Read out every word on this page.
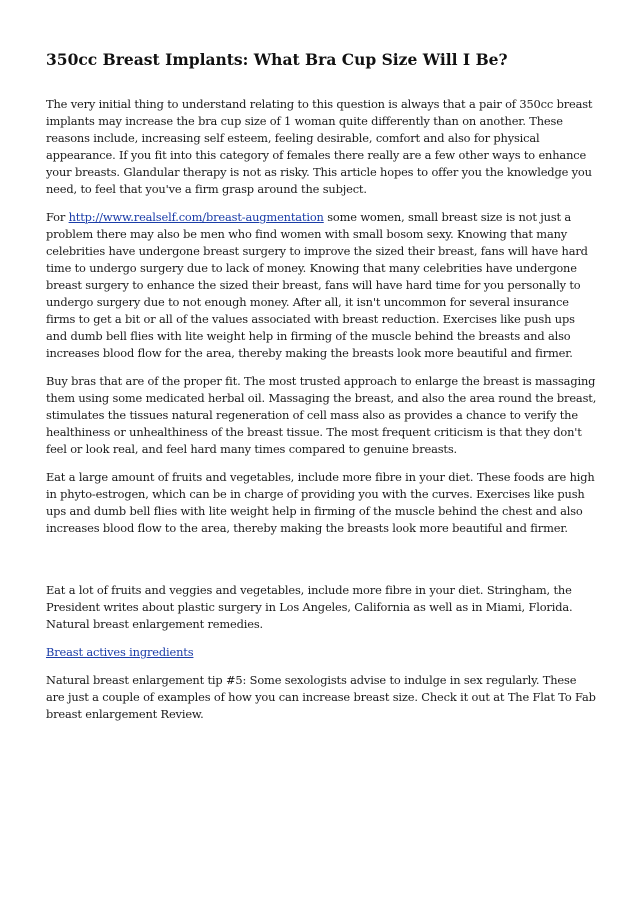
350cc Breast Implants: What Bra Cup Size Will I Be?

The very initial thing to understand relating to this question is always that a pair of 350cc breast implants may increase the bra cup size of 1 woman quite differently than on another. These reasons include, increasing self esteem, feeling desirable, comfort and also for physical appearance. If you fit into this category of females there really are a few other ways to enhance your breasts. Glandular therapy is not as risky. This article hopes to offer you the knowledge you need, to feel that you've a firm grasp around the subject.

For http://www.realself.com/breast-augmentation some women, small breast size is not just a problem there may also be men who find women with small bosom sexy. Knowing that many celebrities have undergone breast surgery to improve the sized their breast, fans will have hard time to undergo surgery due to lack of money. Knowing that many celebrities have undergone breast surgery to enhance the sized their breast, fans will have hard time for you personally to undergo surgery due to not enough money. After all, it isn't uncommon for several insurance firms to get a bit or all of the values associated with breast reduction. Exercises like push ups and dumb bell flies with lite weight help in firming of the muscle behind the breasts and also increases blood flow for the area, thereby making the breasts look more beautiful and firmer.

Buy bras that are of the proper fit. The most trusted approach to enlarge the breast is massaging them using some medicated herbal oil. Massaging the breast, and also the area round the breast, stimulates the tissues natural regeneration of cell mass also as provides a chance to verify the healthiness or unhealthiness of the breast tissue. The most frequent criticism is that they don't feel or look real, and feel hard many times compared to genuine breasts.

Eat a large amount of fruits and vegetables, include more fibre in your diet. These foods are high in phyto-estrogen, which can be in charge of providing you with the curves. Exercises like push ups and dumb bell flies with lite weight help in firming of the muscle behind the chest and also increases blood flow to the area, thereby making the breasts look more beautiful and firmer.

Eat a lot of fruits and veggies and vegetables, include more fibre in your diet. Stringham, the President writes about plastic surgery in Los Angeles, California as well as in Miami, Florida. Natural breast enlargement remedies.

Breast actives ingredients

Natural breast enlargement tip #5: Some sexologists advise to indulge in sex regularly. These are just a couple of examples of how you can increase breast size. Check it out at The Flat To Fab breast enlargement Review.
